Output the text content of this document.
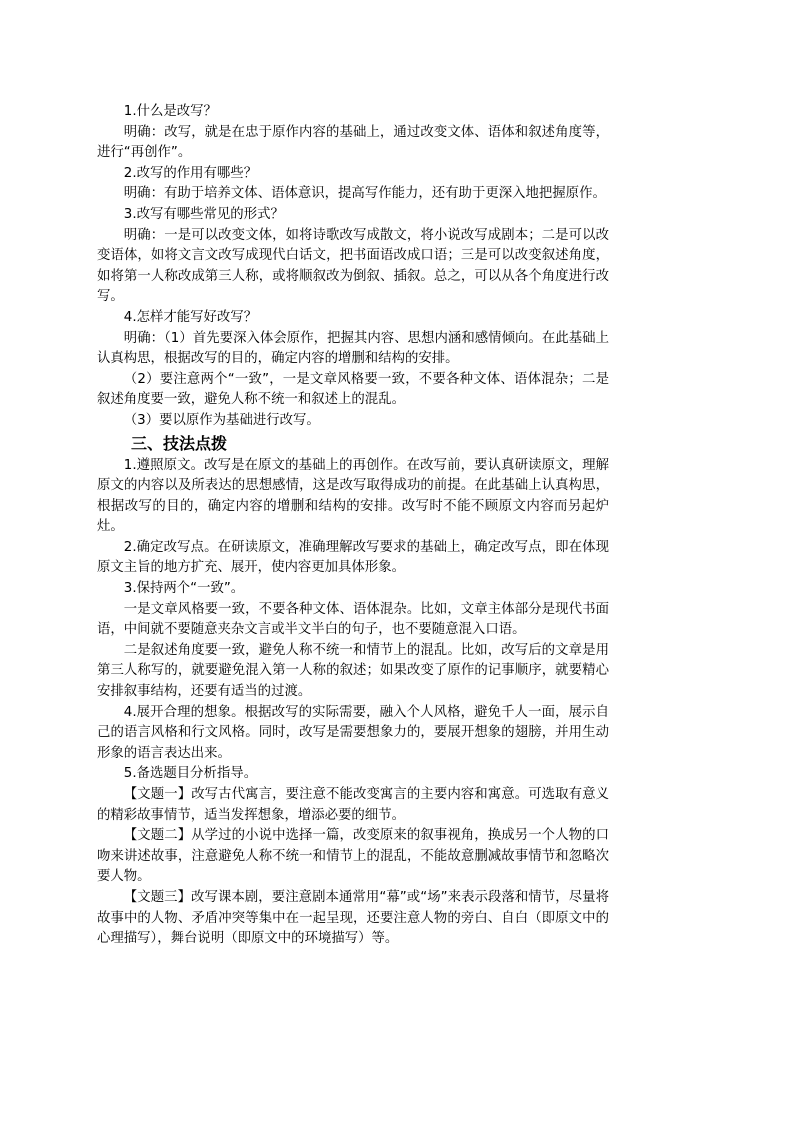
1.什么是改写？

明确：改写，就是在忠于原作内容的基础上，通过改变文体、语体和叙述角度等，进行“再创作”。

2.改写的作用有哪些？

明确：有助于培养文体、语体意识，提高写作能力，还有助于更深入地把握原作。

3.改写有哪些常见的形式？

明确：一是可以改变文体，如将诗歌改写成散文，将小说改写成剧本；二是可以改变语体，如将文言文改写成现代白话文，把书面语改成口语；三是可以改变叙述角度，如将第一人称改成第三人称，或将顺叙改为倒叙、插叙。总之，可以从各个角度进行改写。

4.怎样才能写好改写？

明确：（1）首先要深入体会原作，把握其内容、思想内涵和感情倾向。在此基础上认真构思，根据改写的目的，确定内容的增删和结构的安排。

（2）要注意两个“一致”，一是文章风格要一致，不要各种文体、语体混杂；二是叙述角度要一致，避免人称不统一和叙述上的混乱。

（3）要以原作为基础进行改写。

三、技法点拨

1.遵照原文。改写是在原文的基础上的再创作。在改写前，要认真研读原文，理解原文的内容以及所表达的思想感情，这是改写取得成功的前提。在此基础上认真构思，根据改写的目的，确定内容的增删和结构的安排。改写时不能不顾原文内容而另起炉灶。

2.确定改写点。在研读原文，准确理解改写要求的基础上，确定改写点，即在体现原文主旨的地方扩充、展开，使内容更加具体形象。

3.保持两个“一致”。

一是文章风格要一致，不要各种文体、语体混杂。比如，文章主体部分是现代书面语，中间就不要随意夹杂文言或半文半白的句子，也不要随意混入口语。

二是叙述角度要一致，避免人称不统一和情节上的混乱。比如，改写后的文章是用第三人称写的，就要避免混入第一人称的叙述；如果改变了原作的记事顺序，就要精心安排叙事结构，还要有适当的过渡。

4.展开合理的想象。根据改写的实际需要，融入个人风格，避免千人一面，展示自己的语言风格和行文风格。同时，改写是需要想象力的，要展开想象的翅膀，并用生动形象的语言表达出来。

5.备选题目分析指导。

【文题一】改写古代寓言，要注意不能改变寓言的主要内容和寓意。可选取有意义的精彩故事情节，适当发挥想象，增添必要的细节。

【文题二】从学过的小说中选择一篇，改变原来的叙事视角，换成另一个人物的口吻来讲述故事，注意避免人称不统一和情节上的混乱，不能故意删减故事情节和忽略次要人物。

【文题三】改写课本剧，要注意剧本通常用“幕”或“场”来表示段落和情节，尽量将故事中的人物、矛盾冲突等集中在一起呈现，还要注意人物的旁白、自白（即原文中的心理描写），舞台说明（即原文中的环境描写）等。
